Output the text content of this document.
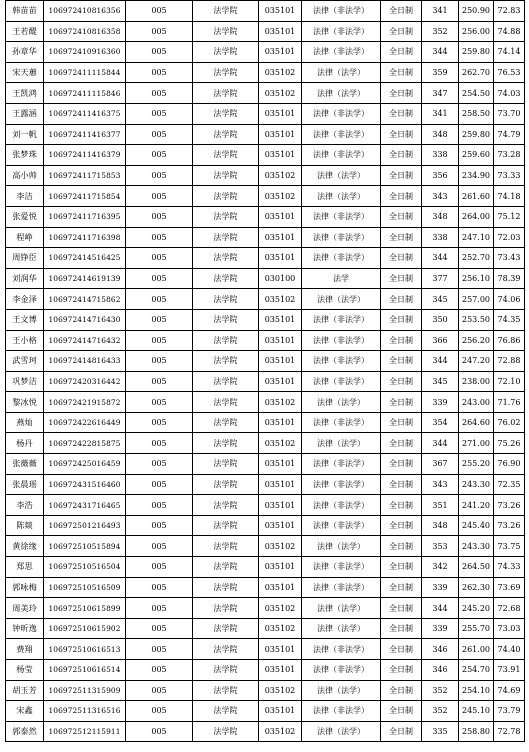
韩苗苗	106972410816356	005	法学院	035101	法律（非法学）	全日制	341	250.90	72.83
王若醍	106972410816358	005	法学院	035101	法律（非法学）	全日制	352	256.00	74.88
孙章华	106972410916360	005	法学院	035101	法律（非法学）	全日制	344	259.80	74.14
宋天蕙	106972411115844	005	法学院	035102	法律（法学）	全日制	359	262.70	76.53
王凯鸿	106972411115846	005	法学院	035102	法律（法学）	全日制	347	254.50	74.03
王露涵	106972411416375	005	法学院	035101	法律（非法学）	全日制	341	258.50	73.70
刘一帆	106972411416377	005	法学院	035101	法律（非法学）	全日制	348	259.80	74.79
张梦珠	106972411416379	005	法学院	035101	法律（非法学）	全日制	338	259.60	73.28
高小帅	106972411715853	005	法学院	035102	法律（法学）	全日制	356	234.90	73.33
李洁	106972411715854	005	法学院	035102	法律（法学）	全日制	343	261.60	74.18
张爱悦	106972411716395	005	法学院	035101	法律（非法学）	全日制	348	264.00	75.12
程峥	106972411716398	005	法学院	035101	法律（非法学）	全日制	338	247.10	72.03
周铮臣	106972414516425	005	法学院	035101	法律（非法学）	全日制	344	252.70	73.43
刘润华	106972414619139	005	法学院	030100	法学	全日制	377	256.10	78.39
李金泽	106972414715862	005	法学院	035102	法律（法学）	全日制	345	257.00	74.06
王文博	106972414716430	005	法学院	035101	法律（非法学）	全日制	350	253.50	74.35
王小格	106972414716432	005	法学院	035101	法律（非法学）	全日制	366	256.20	76.86
武雪珂	106972414816433	005	法学院	035101	法律（非法学）	全日制	344	247.20	72.88
巩梦洁	106972420316442	005	法学院	035101	法律（非法学）	全日制	345	238.00	72.10
黎冰悦	106972421915872	005	法学院	035102	法律（法学）	全日制	339	243.00	71.76
燕灿	106972422616449	005	法学院	035101	法律（非法学）	全日制	354	264.60	76.02
杨丹	106972422815875	005	法学院	035102	法律（法学）	全日制	344	271.00	75.26
张薇薇	106972425016459	005	法学院	035101	法律（非法学）	全日制	367	255.20	76.90
张晨瑶	106972431516460	005	法学院	035101	法律（非法学）	全日制	343	243.30	72.35
李浩	106972431716465	005	法学院	035101	法律（非法学）	全日制	351	241.20	73.26
陈燚	106972501216493	005	法学院	035101	法律（非法学）	全日制	348	245.40	73.26
黄徐缘	106972510515894	005	法学院	035102	法律（法学）	全日制	353	243.30	73.75
郑思	106972510516504	005	法学院	035101	法律（非法学）	全日制	342	264.50	74.33
郭咏梅	106972510516509	005	法学院	035101	法律（非法学）	全日制	339	262.30	73.69
周美玲	106972510615899	005	法学院	035102	法律（法学）	全日制	344	245.20	72.68
钟昕逸	106972510615902	005	法学院	035102	法律（法学）	全日制	339	255.70	73.03
费翔	106972510616513	005	法学院	035101	法律（非法学）	全日制	346	261.00	74.40
杨莹	106972510616514	005	法学院	035101	法律（非法学）	全日制	346	254.70	73.91
胡玉芳	106972511315909	005	法学院	035102	法律（法学）	全日制	352	254.10	74.69
宋鑫	106972511316516	005	法学院	035101	法律（非法学）	全日制	352	245.10	73.79
郭泰然	106972512115911	005	法学院	035102	法律（法学）	全日制	335	258.80	72.78
